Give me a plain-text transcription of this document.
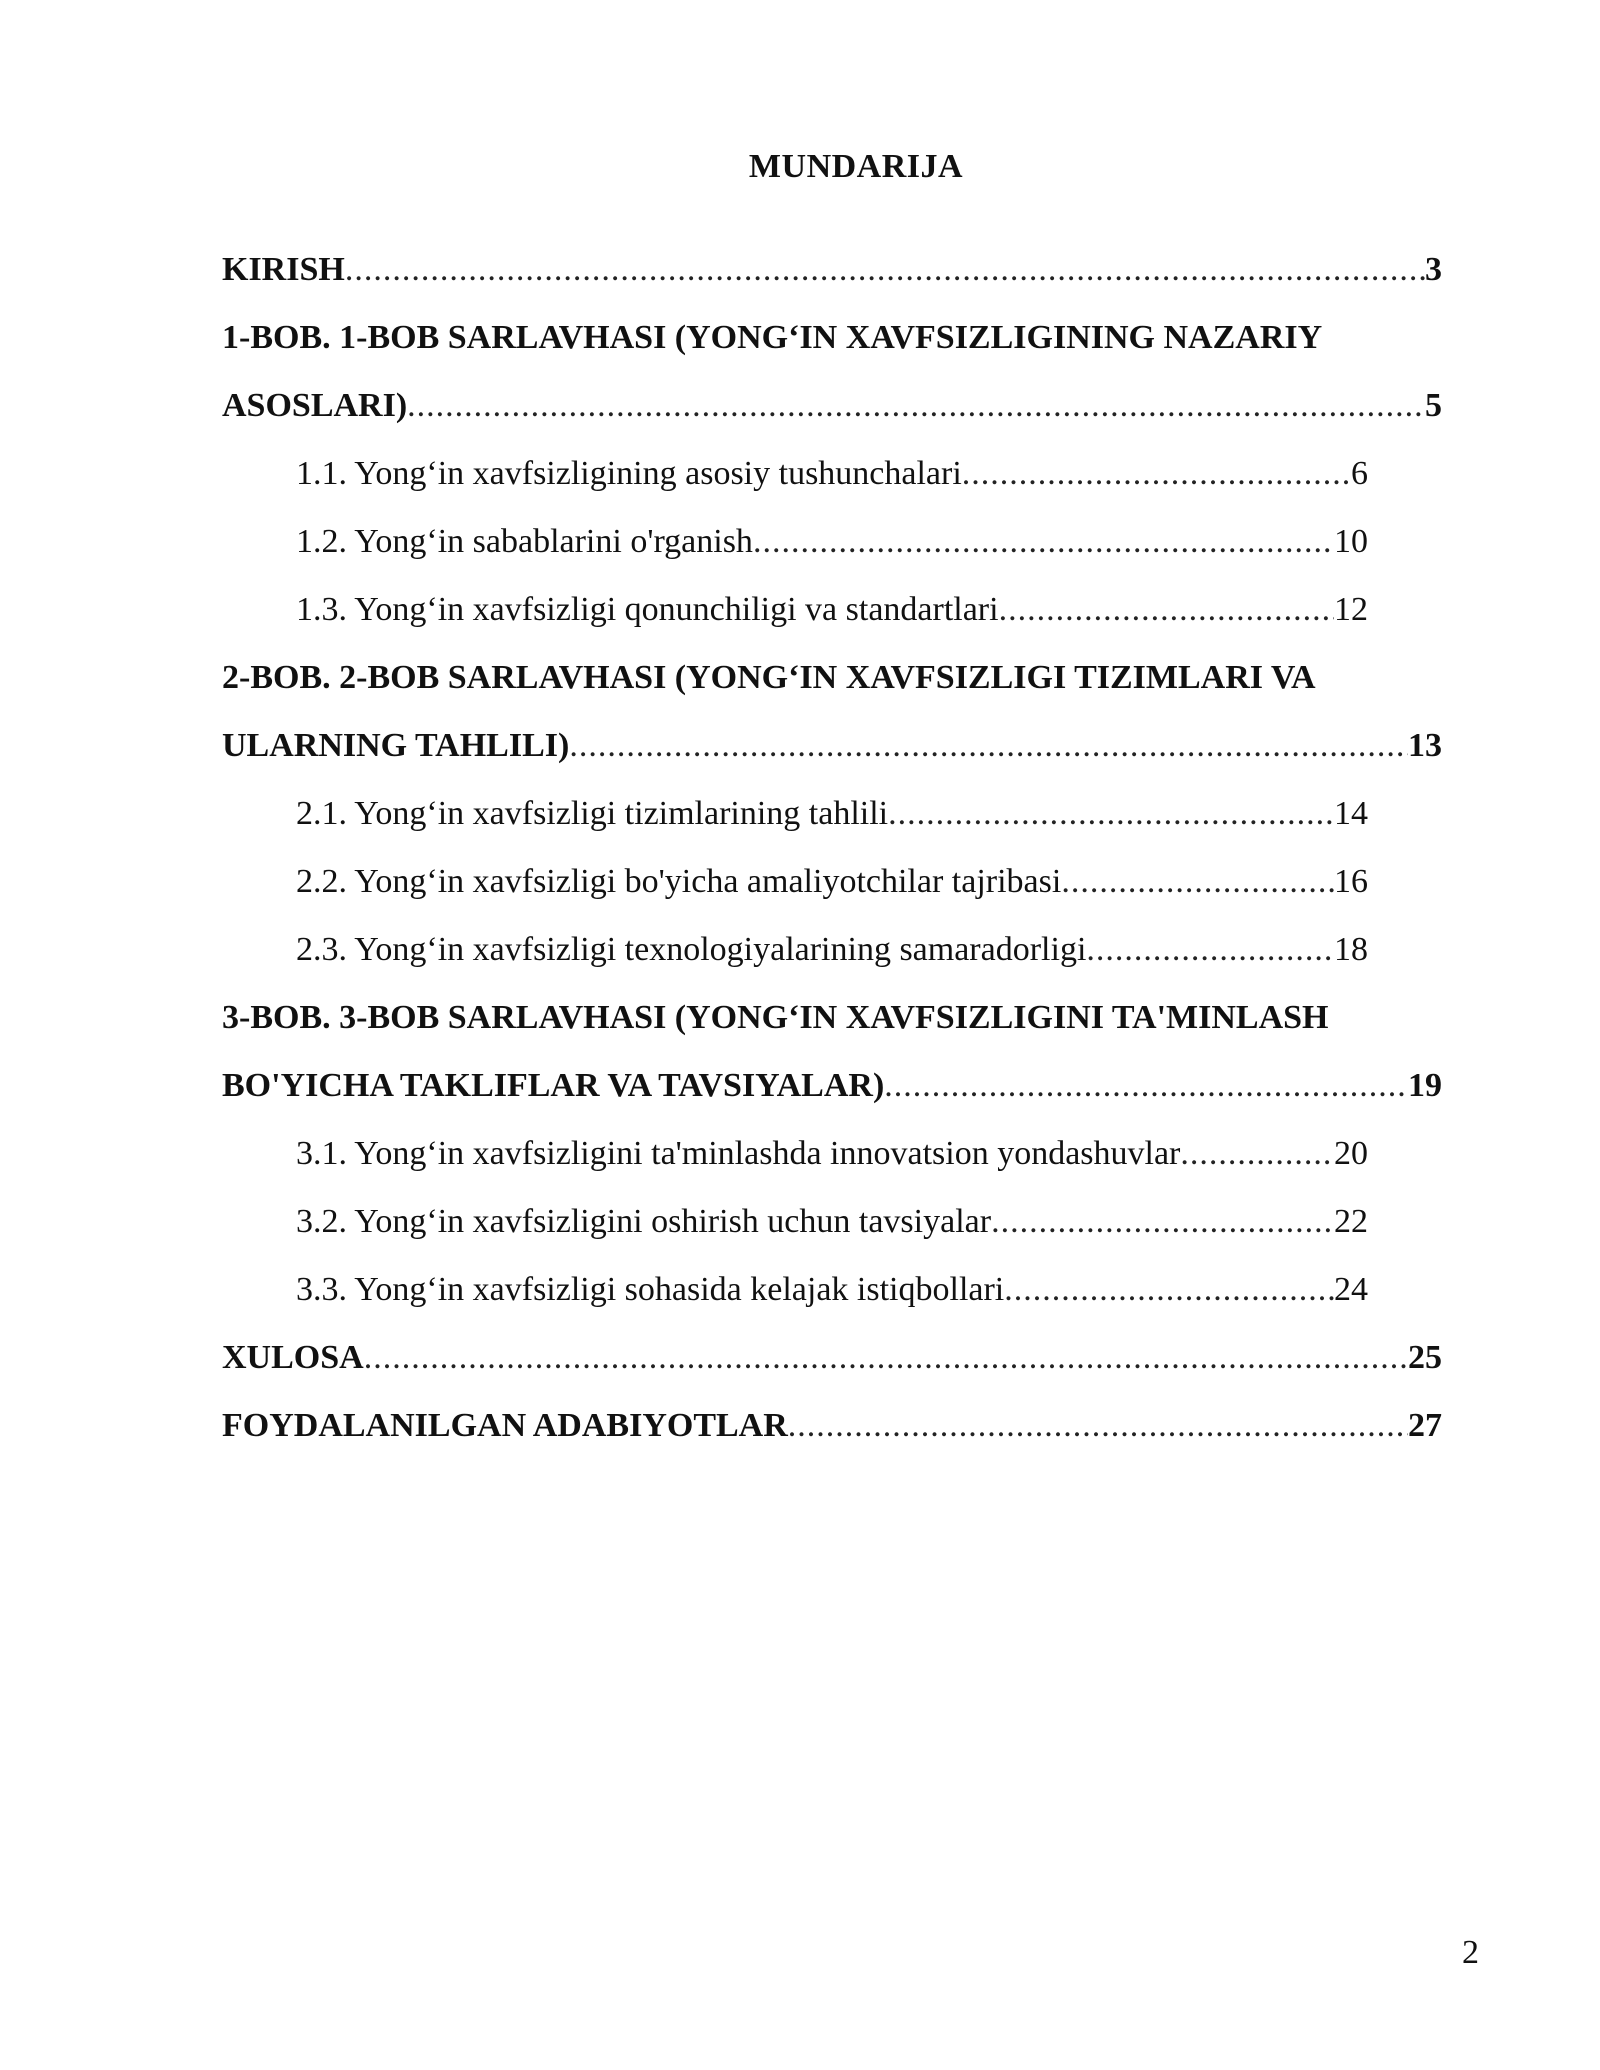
MUNDARIJA
KIRISH .....	3
1-BOB. 1-BOB SARLAVHASI (YONG‘IN XAVFSIZLIGINING NAZARIY
ASOSLARI) .....	5
1.1. Yong‘in xavfsizligining asosiy tushunchalari .....	6
1.2. Yong‘in sabablarini o'rganish .....	10
1.3. Yong‘in xavfsizligi qonunchiligi va standartlari .....	12
2-BOB. 2-BOB SARLAVHASI (YONG‘IN XAVFSIZLIGI TIZIMLARI VA
ULARNING TAHLILI) .....	13
2.1. Yong‘in xavfsizligi tizimlarining tahlili .....	14
2.2. Yong‘in xavfsizligi bo'yicha amaliyotchilar tajribasi .....	16
2.3. Yong‘in xavfsizligi texnologiyalarining samaradorligi .....	18
3-BOB. 3-BOB SARLAVHASI (YONG‘IN XAVFSIZLIGINI TA'MINLASH
BO'YICHA TAKLIFLAR VA TAVSIYALAR) .....	19
3.1. Yong‘in xavfsizligini ta'minlashda innovatsion yondashuvlar .....	20
3.2. Yong‘in xavfsizligini oshirish uchun tavsiyalar .....	22
3.3. Yong‘in xavfsizligi sohasida kelajak istiqbollari .....	24
XULOSA .....	25
FOYDALANILGAN ADABIYOTLAR .....	27
2
